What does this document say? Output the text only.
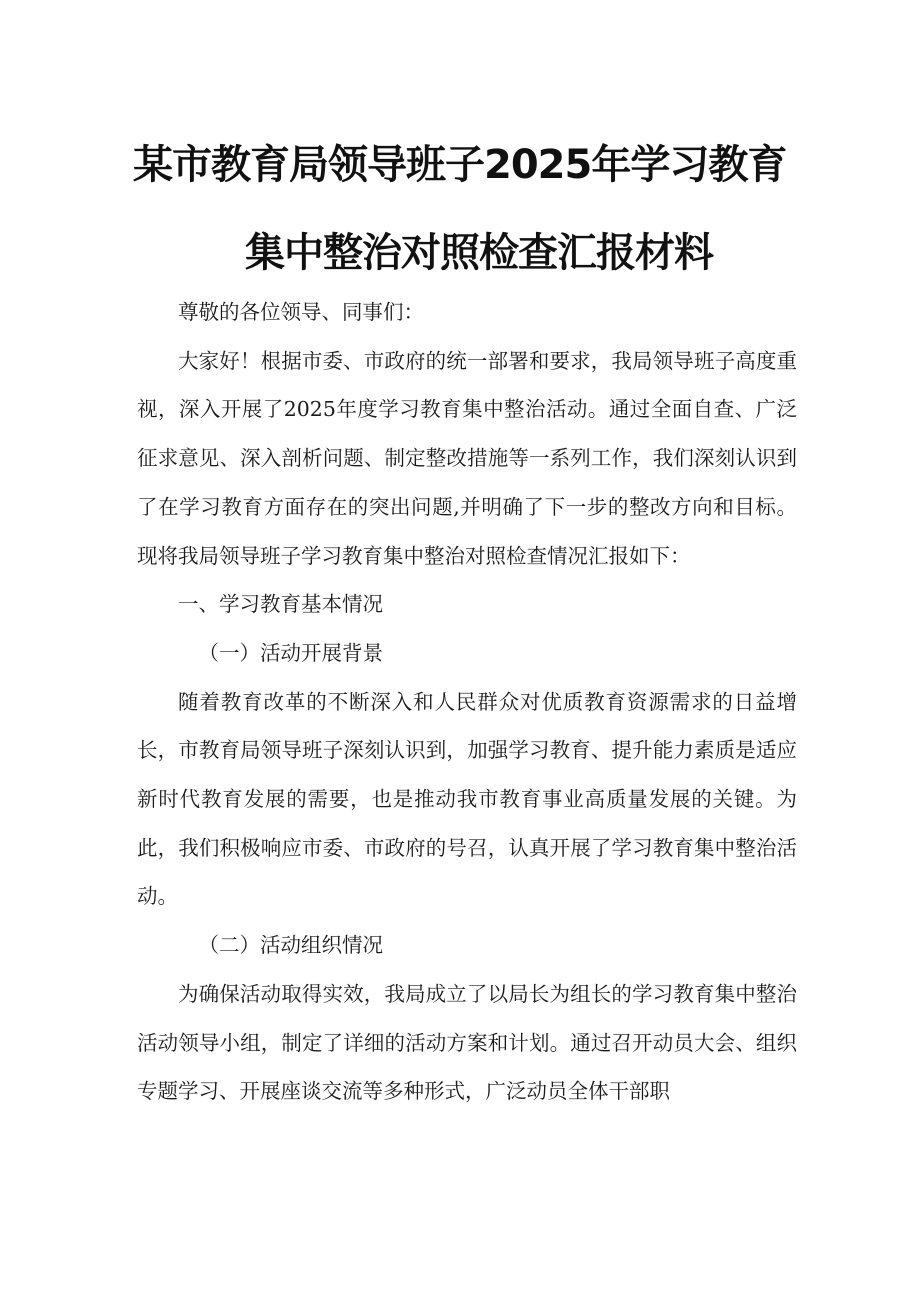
某市教育局领导班子2025年学习教育
集中整治对照检查汇报材料

尊敬的各位领导、同事们：

大家好！根据市委、市政府的统一部署和要求，我局领导班子高度重视，深入开展了2025年度学习教育集中整治活动。通过全面自查、广泛征求意见、深入剖析问题、制定整改措施等一系列工作，我们深刻认识到了在学习教育方面存在的突出问题,并明确了下一步的整改方向和目标。现将我局领导班子学习教育集中整治对照检查情况汇报如下：

一、学习教育基本情况

（一）活动开展背景

随着教育改革的不断深入和人民群众对优质教育资源需求的日益增长，市教育局领导班子深刻认识到，加强学习教育、提升能力素质是适应新时代教育发展的需要，也是推动我市教育事业高质量发展的关键。为此，我们积极响应市委、市政府的号召，认真开展了学习教育集中整治活动。

（二）活动组织情况

为确保活动取得实效，我局成立了以局长为组长的学习教育集中整治活动领导小组，制定了详细的活动方案和计划。通过召开动员大会、组织专题学习、开展座谈交流等多种形式，广泛动员全体干部职
